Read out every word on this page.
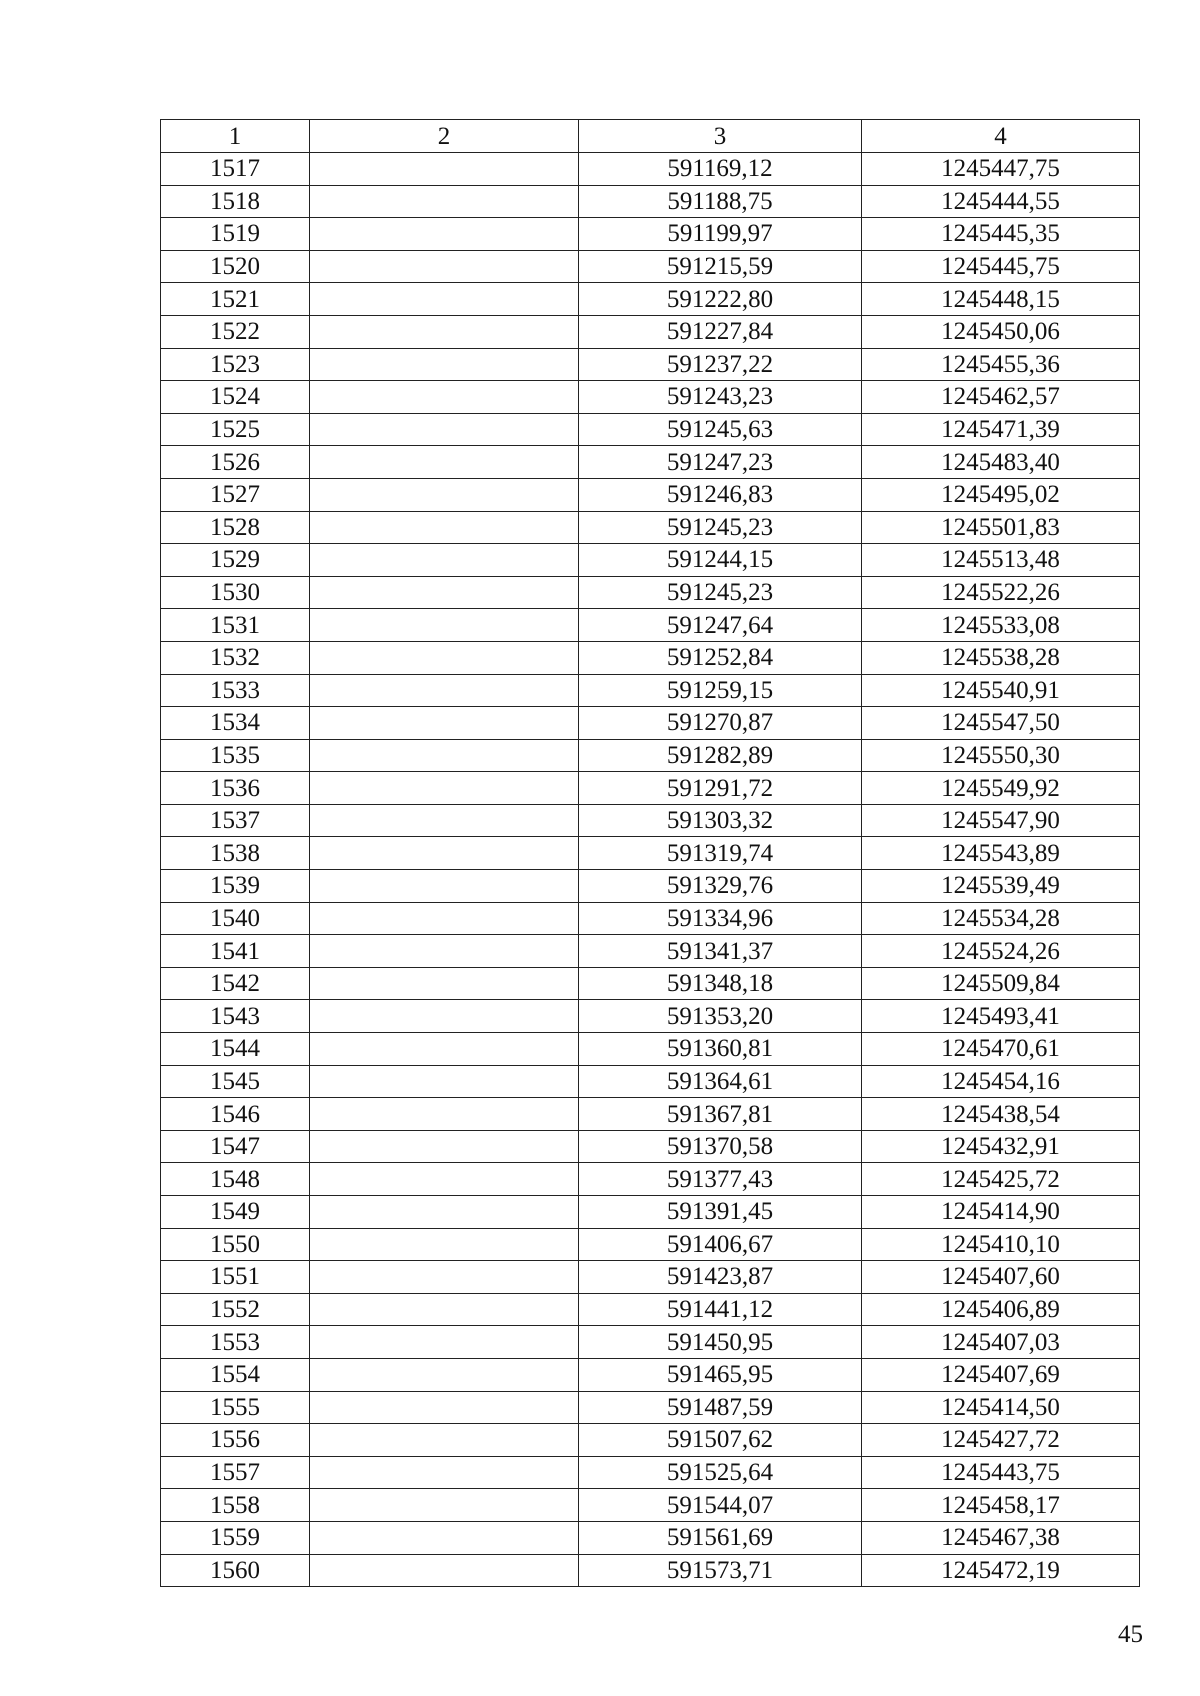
1	2	3	4
1517		591169,12	1245447,75
1518		591188,75	1245444,55
1519		591199,97	1245445,35
1520		591215,59	1245445,75
1521		591222,80	1245448,15
1522		591227,84	1245450,06
1523		591237,22	1245455,36
1524		591243,23	1245462,57
1525		591245,63	1245471,39
1526		591247,23	1245483,40
1527		591246,83	1245495,02
1528		591245,23	1245501,83
1529		591244,15	1245513,48
1530		591245,23	1245522,26
1531		591247,64	1245533,08
1532		591252,84	1245538,28
1533		591259,15	1245540,91
1534		591270,87	1245547,50
1535		591282,89	1245550,30
1536		591291,72	1245549,92
1537		591303,32	1245547,90
1538		591319,74	1245543,89
1539		591329,76	1245539,49
1540		591334,96	1245534,28
1541		591341,37	1245524,26
1542		591348,18	1245509,84
1543		591353,20	1245493,41
1544		591360,81	1245470,61
1545		591364,61	1245454,16
1546		591367,81	1245438,54
1547		591370,58	1245432,91
1548		591377,43	1245425,72
1549		591391,45	1245414,90
1550		591406,67	1245410,10
1551		591423,87	1245407,60
1552		591441,12	1245406,89
1553		591450,95	1245407,03
1554		591465,95	1245407,69
1555		591487,59	1245414,50
1556		591507,62	1245427,72
1557		591525,64	1245443,75
1558		591544,07	1245458,17
1559		591561,69	1245467,38
1560		591573,71	1245472,19
45
